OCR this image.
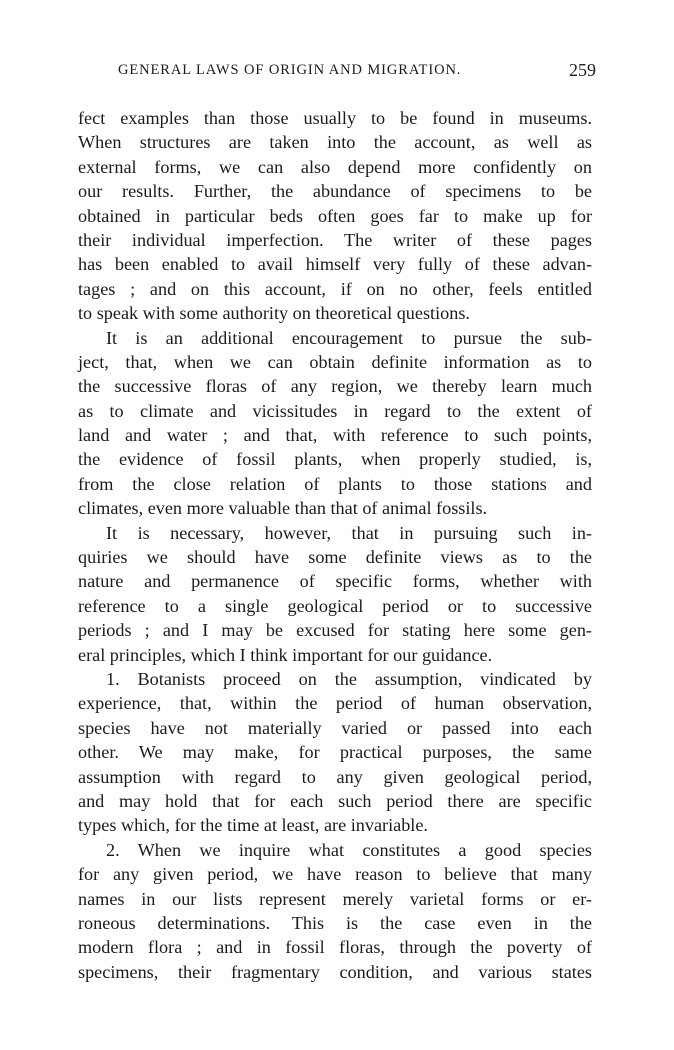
GENERAL LAWS OF ORIGIN AND MIGRATION.	259
fect examples than those usually to be found in museums.
When structures are taken into the account, as well as
external forms, we can also depend more confidently on
our results. Further, the abundance of specimens to be
obtained in particular beds often goes far to make up for
their individual imperfection. The writer of these pages
has been enabled to avail himself very fully of these advan-
tages ; and on this account, if on no other, feels entitled
to speak with some authority on theoretical questions.
It is an additional encouragement to pursue the sub-
ject, that, when we can obtain definite information as to
the successive floras of any region, we thereby learn much
as to climate and vicissitudes in regard to the extent of
land and water ; and that, with reference to such points,
the evidence of fossil plants, when properly studied, is,
from the close relation of plants to those stations and
climates, even more valuable than that of animal fossils.
It is necessary, however, that in pursuing such in-
quiries we should have some definite views as to the
nature and permanence of specific forms, whether with
reference to a single geological period or to successive
periods ; and I may be excused for stating here some gen-
eral principles, which I think important for our guidance.
1. Botanists proceed on the assumption, vindicated by
experience, that, within the period of human observation,
species have not materially varied or passed into each
other. We may make, for practical purposes, the same
assumption with regard to any given geological period,
and may hold that for each such period there are specific
types which, for the time at least, are invariable.
2. When we inquire what constitutes a good species
for any given period, we have reason to believe that many
names in our lists represent merely varietal forms or er-
roneous determinations. This is the case even in the
modern flora ; and in fossil floras, through the poverty of
specimens, their fragmentary condition, and various states
